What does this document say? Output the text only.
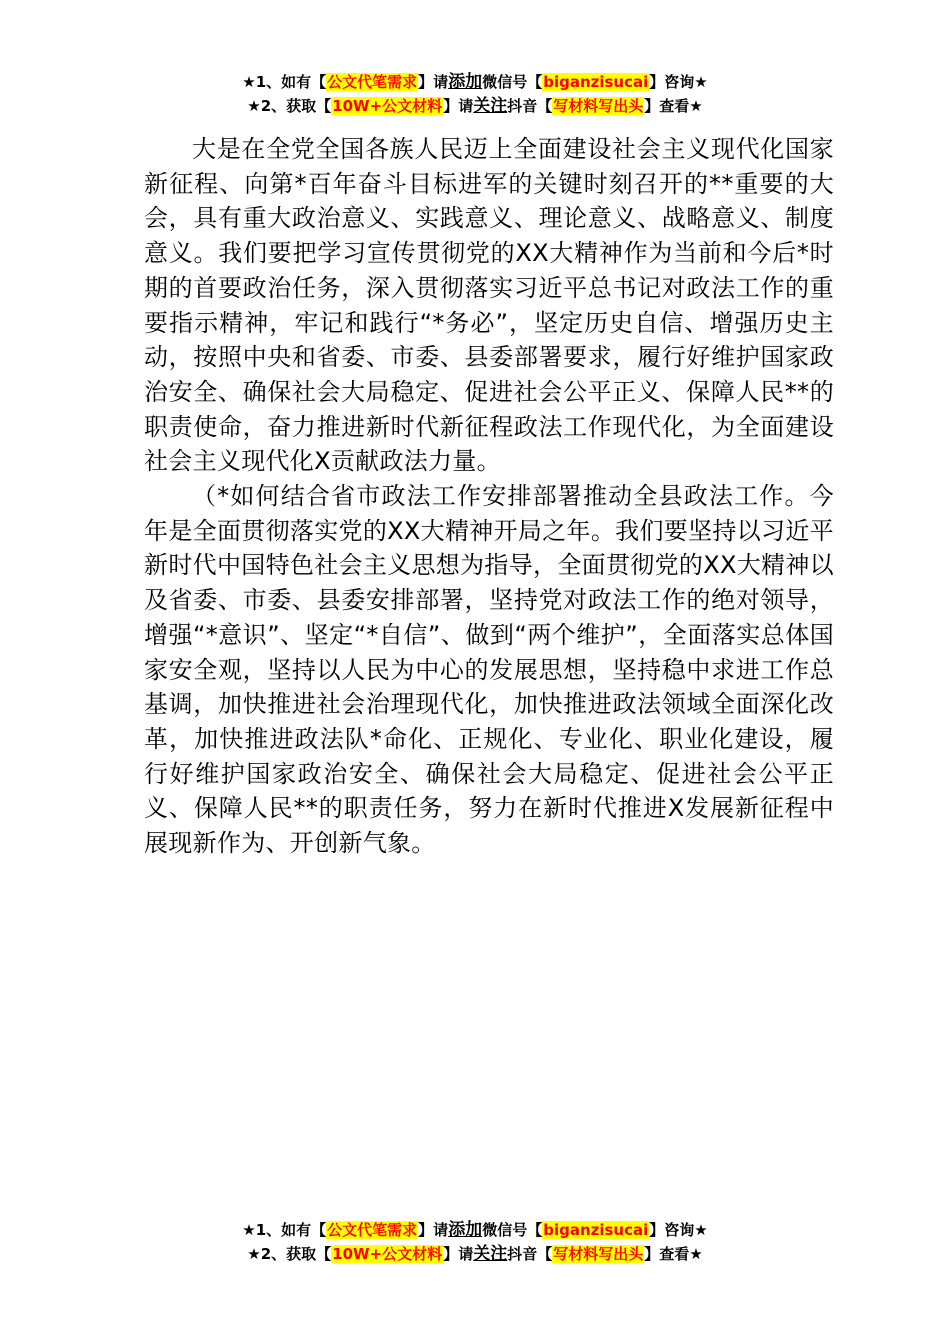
★1、如有【公文代笔需求】请添加微信号【biganzisucai】咨询★
★2、获取【10W+公文材料】请关注抖音【写材料写出头】查看★

大是在全党全国各族人民迈上全面建设社会主义现代化国家新征程、向第*百年奋斗目标进军的关键时刻召开的**重要的大会，具有重大政治意义、实践意义、理论意义、战略意义、制度意义。我们要把学习宣传贯彻党的XX大精神作为当前和今后*时期的首要政治任务，深入贯彻落实习近平总书记对政法工作的重要指示精神，牢记和践行“*务必”，坚定历史自信、增强历史主动，按照中央和省委、市委、县委部署要求，履行好维护国家政治安全、确保社会大局稳定、促进社会公平正义、保障人民**的职责使命，奋力推进新时代新征程政法工作现代化，为全面建设社会主义现代化X贡献政法力量。

（*如何结合省市政法工作安排部署推动全县政法工作。今年是全面贯彻落实党的XX大精神开局之年。我们要坚持以习近平新时代中国特色社会主义思想为指导，全面贯彻党的XX大精神以及省委、市委、县委安排部署，坚持党对政法工作的绝对领导，增强“*意识”、坚定“*自信”、做到“两个维护”，全面落实总体国家安全观，坚持以人民为中心的发展思想，坚持稳中求进工作总基调，加快推进社会治理现代化，加快推进政法领域全面深化改革，加快推进政法队*命化、正规化、专业化、职业化建设，履行好维护国家政治安全、确保社会大局稳定、促进社会公平正义、保障人民**的职责任务，努力在新时代推进X发展新征程中展现新作为、开创新气象。

★1、如有【公文代笔需求】请添加微信号【biganzisucai】咨询★
★2、获取【10W+公文材料】请关注抖音【写材料写出头】查看★
